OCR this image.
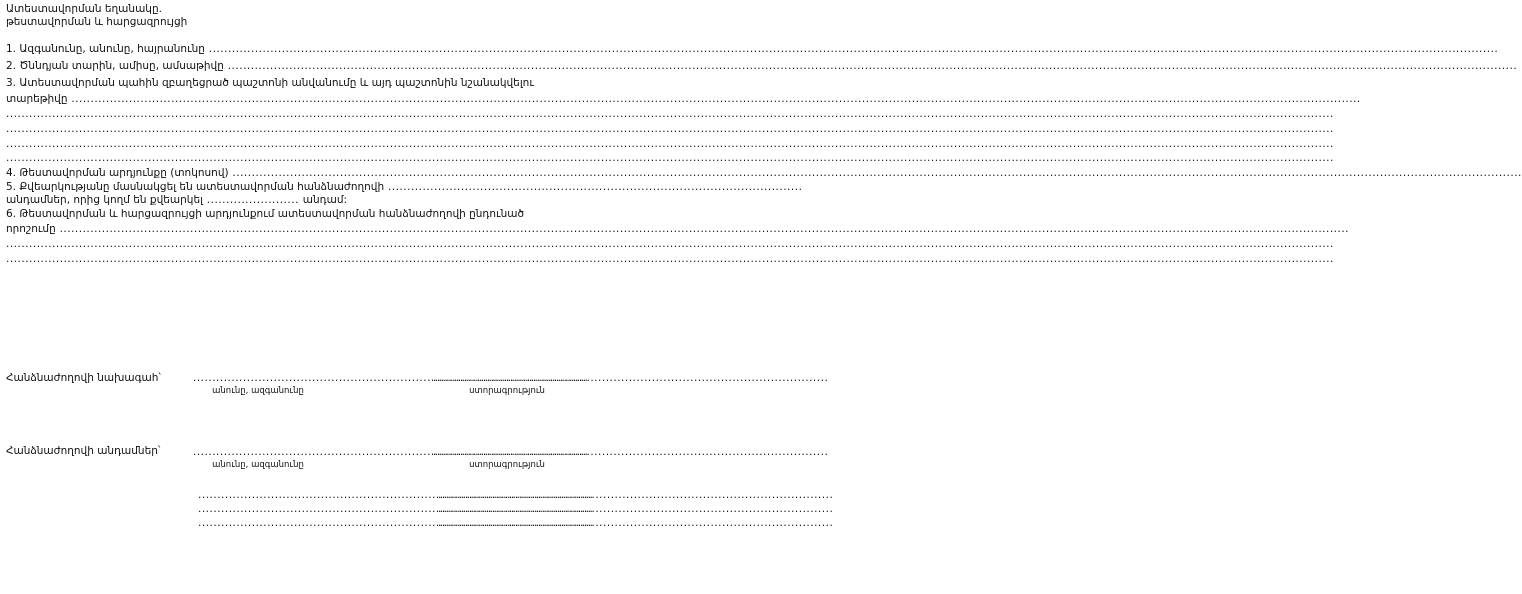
Ատեստավորման եղանակը.
թեստավորման և հարցազրույցի
1. Ազգանունը, անունը, հայրանունը .....
2. Ծննդյան տարին, ամիսը, ամսաթիվը .....
3. Ատեստավորման պահին զբաղեցրած պաշտոնի անվանումը և այդ պաշտոնին նշանակվելու
տարեթիվը .....
.....
.....
.....
.....
4. Թեստավորման արդյունքը (տոկոսով) .....
5. Քվեարկությանը մասնակցել են ատեստավորման հանձնաժողովի ............................................................................................................
անդամներ, որից կողմ են քվեարկել ........................ անդամ:
6. Թեստավորման և հարցազրույցի արդյունքում ատեստավորման հանձնաժողովի ընդունած
որոշումը .....
.....
.....
Հանձնաժողովի նախագահ՝
.....
անունը, ազգանունը
.....	ստորագրություն
Հանձնաժողովի անդամներ՝
.....
անունը, ազգանունը
.....	ստորագրություն
.....
.....
.....
.....
.....
.....
